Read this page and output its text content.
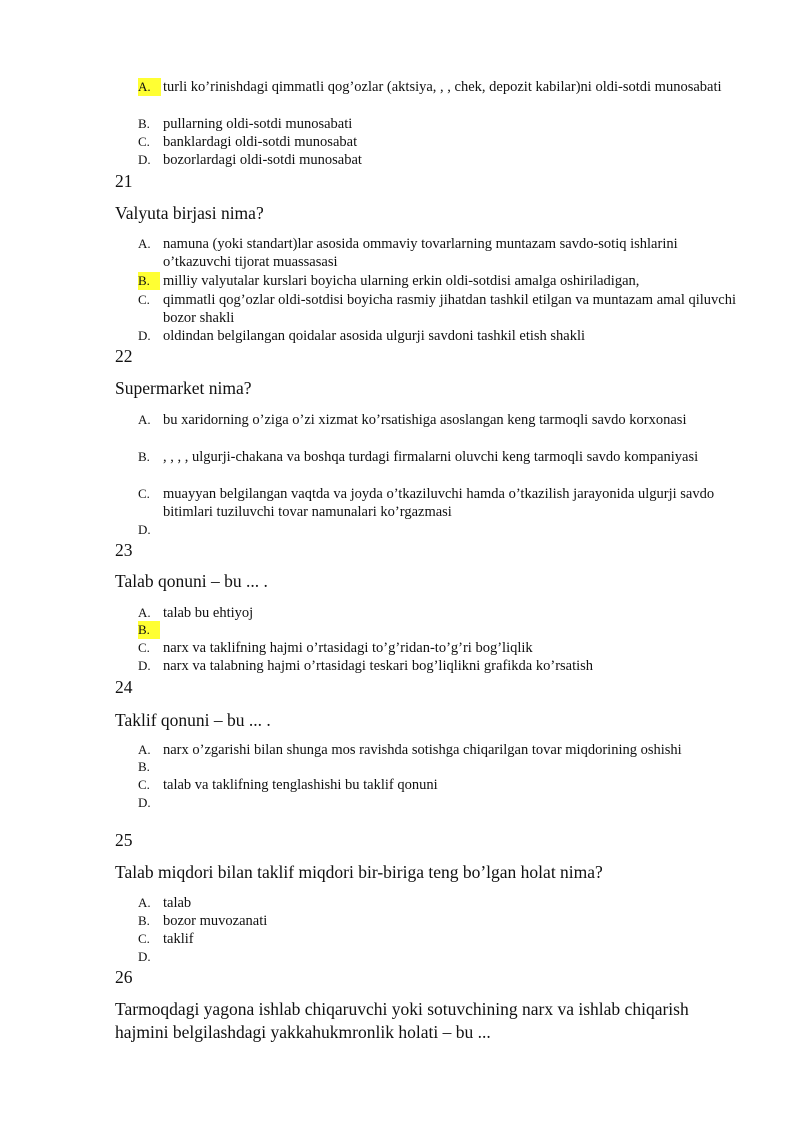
A. turli ko’rinishdagi qimmatli qog’ozlar (aktsiya, , , chek, depozit kabilar)ni oldi-sotdi munosabati
B. pullarning oldi-sotdi munosabati
C. banklardagi oldi-sotdi munosabat
D. bozorlardagi oldi-sotdi munosabat
21
Valyuta birjasi nima?
A. namuna (yoki standart)lar asosida ommaviy tovarlarning muntazam savdo-sotiq ishlarini o’tkazuvchi tijorat muassasasi
B. milliy valyutalar kurslari boyicha ularning erkin oldi-sotdisi amalga oshiriladigan,
C. qimmatli qog’ozlar oldi-sotdisi boyicha rasmiy jihatdan tashkil etilgan va muntazam amal qiluvchi bozor shakli
D. oldindan belgilangan qoidalar asosida ulgurji savdoni tashkil etish shakli
22
Supermarket nima?
A. bu xaridorning o’ziga o’zi xizmat ko’rsatishiga asoslangan keng tarmoqli savdo korxonasi
B. , , , , ulgurji-chakana va boshqa turdagi firmalarni oluvchi keng tarmoqli savdo kompaniyasi
C. muayyan belgilangan vaqtda va joyda o’tkaziluvchi hamda o’tkazilish jarayonida ulgurji savdo bitimlari tuziluvchi tovar namunalari ko’rgazmasi
D.
23
Talab qonuni – bu ... .
A. talab bu ehtiyoj
B.
C. narx va taklifning hajmi o’rtasidagi to’g’ridan-to’g’ri bog’liqlik
D. narx va talabning hajmi o’rtasidagi teskari bog’liqlikni grafikda ko’rsatish
24
Taklif qonuni – bu ... .
A. narx o’zgarishi bilan shunga mos ravishda sotishga chiqarilgan tovar miqdorining oshishi
B.
C. talab va taklifning tenglashishi bu taklif qonuni
D.
25
Talab miqdori bilan taklif miqdori bir-biriga teng bo’lgan holat nima?
A. talab
B. bozor muvozanati
C. taklif
D.
26
Tarmoqdagi yagona ishlab chiqaruvchi yoki sotuvchining narx va ishlab chiqarish hajmini belgilashdagi yakkahukmronlik holati – bu ...
